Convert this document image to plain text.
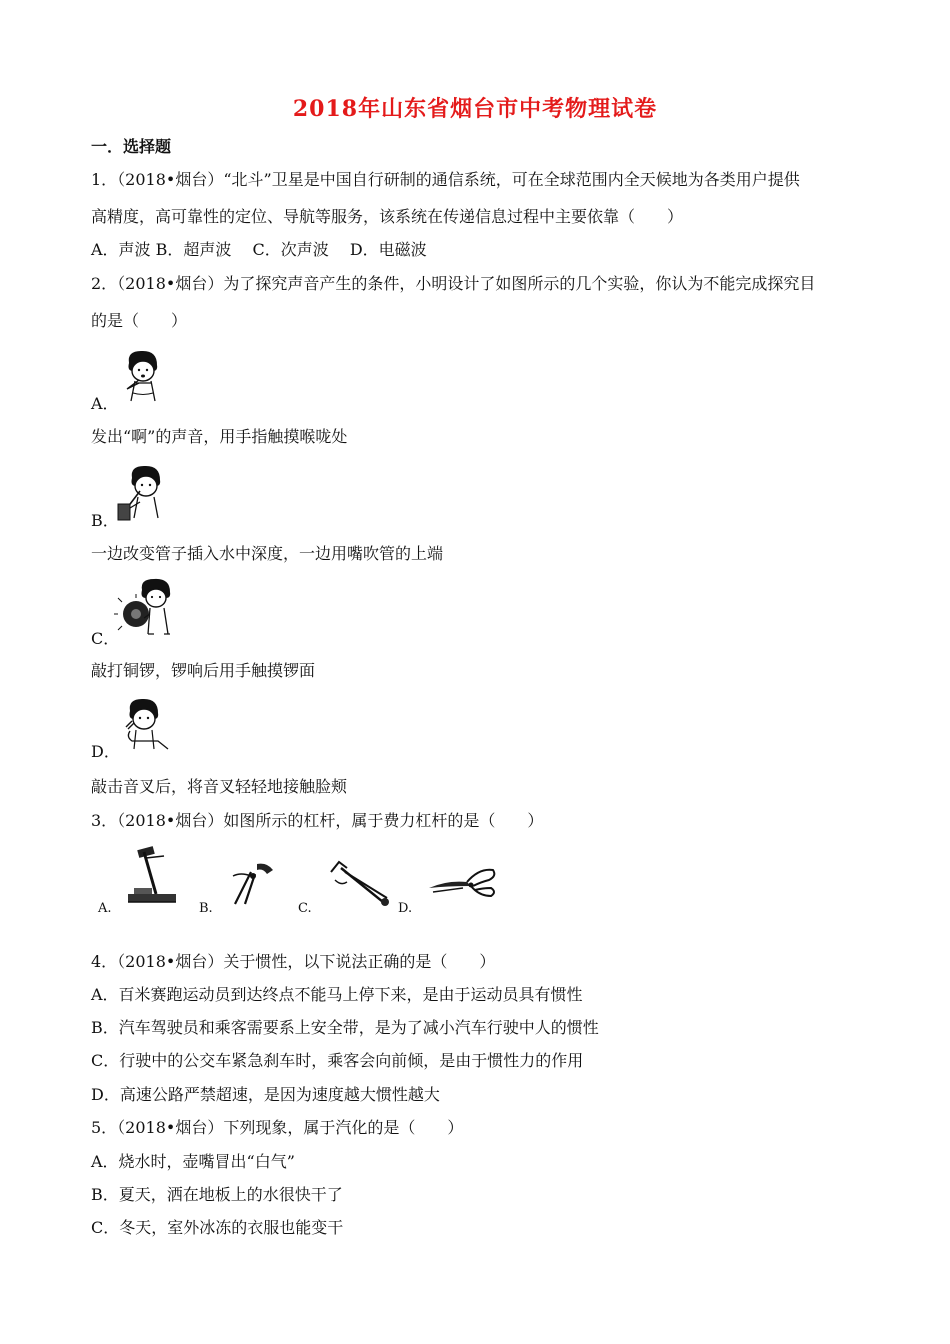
2018年山东省烟台市中考物理试卷
一．选择题
1．（2018•烟台）“北斗”卫星是中国自行研制的通信系统，可在全球范围内全天候地为各类用户提供
高精度，高可靠性的定位、导航等服务，该系统在传递信息过程中主要依靠（　　）
A．声波 B．超声波　 C．次声波　 D．电磁波
2．（2018•烟台）为了探究声音产生的条件，小明设计了如图所示的几个实验，你认为不能完成探究目
的是（　　）
A．
发出“啊”的声音，用手指触摸喉咙处
B．
一边改变管子插入水中深度，一边用嘴吹管的上端
C．
敲打铜锣，锣响后用手触摸锣面
D．
敲击音叉后，将音叉轻轻地接触脸颊
3．（2018•烟台）如图所示的杠杆，属于费力杠杆的是（　　）
A.	B.	C.	D.
4．（2018•烟台）关于惯性，以下说法正确的是（　　）
A．百米赛跑运动员到达终点不能马上停下来，是由于运动员具有惯性
B．汽车驾驶员和乘客需要系上安全带，是为了减小汽车行驶中人的惯性
C．行驶中的公交车紧急刹车时，乘客会向前倾，是由于惯性力的作用
D．高速公路严禁超速，是因为速度越大惯性越大
5．（2018•烟台）下列现象，属于汽化的是（　　）
A．烧水时，壶嘴冒出“白气”
B．夏天，洒在地板上的水很快干了
C．冬天，室外冰冻的衣服也能变干
